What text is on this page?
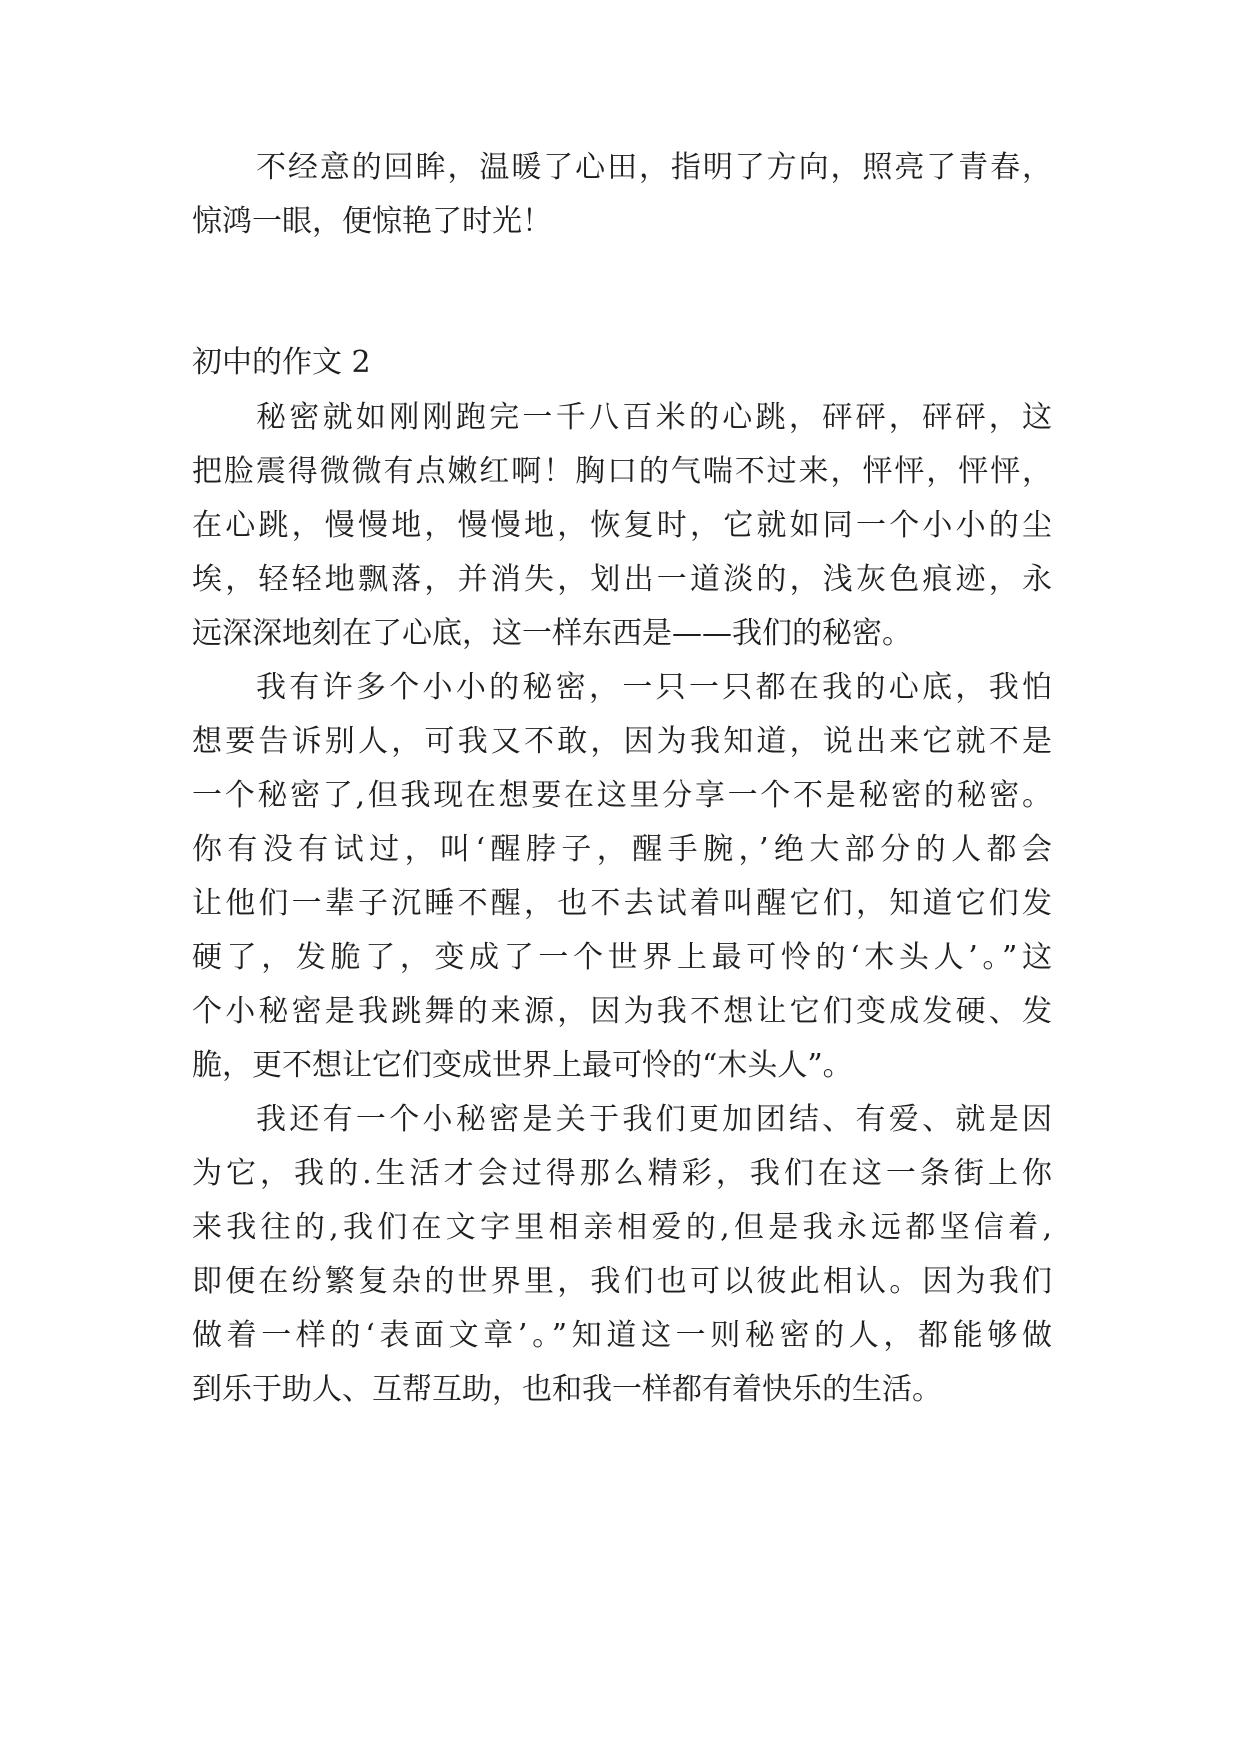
不经意的回眸，温暖了心田，指明了方向，照亮了青春，

惊鸿一眼，便惊艳了时光！

初中的作文 2

秘密就如刚刚跑完一千八百米的心跳，砰砰，砰砰，这

把脸震得微微有点嫩红啊！胸口的气喘不过来，怦怦，怦怦，

在心跳，慢慢地，慢慢地，恢复时，它就如同一个小小的尘

埃，轻轻地飘落，并消失，划出一道淡的，浅灰色痕迹，永

远深深地刻在了心底，这一样东西是——我们的秘密。

我有许多个小小的秘密，一只一只都在我的心底，我怕

想要告诉别人，可我又不敢，因为我知道，说出来它就不是

一个秘密了,但我现在想要在这里分享一个不是秘密的秘密。

你有没有试过，叫‘醒脖子，醒手腕，’绝大部分的人都会

让他们一辈子沉睡不醒，也不去试着叫醒它们，知道它们发

硬了，发脆了，变成了一个世界上最可怜的‘木头人’。”这

个小秘密是我跳舞的来源，因为我不想让它们变成发硬、发

脆，更不想让它们变成世界上最可怜的“木头人”。

我还有一个小秘密是关于我们更加团结、有爱、就是因

为它，我的.生活才会过得那么精彩，我们在这一条街上你

来我往的,我们在文字里相亲相爱的,但是我永远都坚信着,

即便在纷繁复杂的世界里，我们也可以彼此相认。因为我们

做着一样的‘表面文章’。”知道这一则秘密的人，都能够做

到乐于助人、互帮互助，也和我一样都有着快乐的生活。
